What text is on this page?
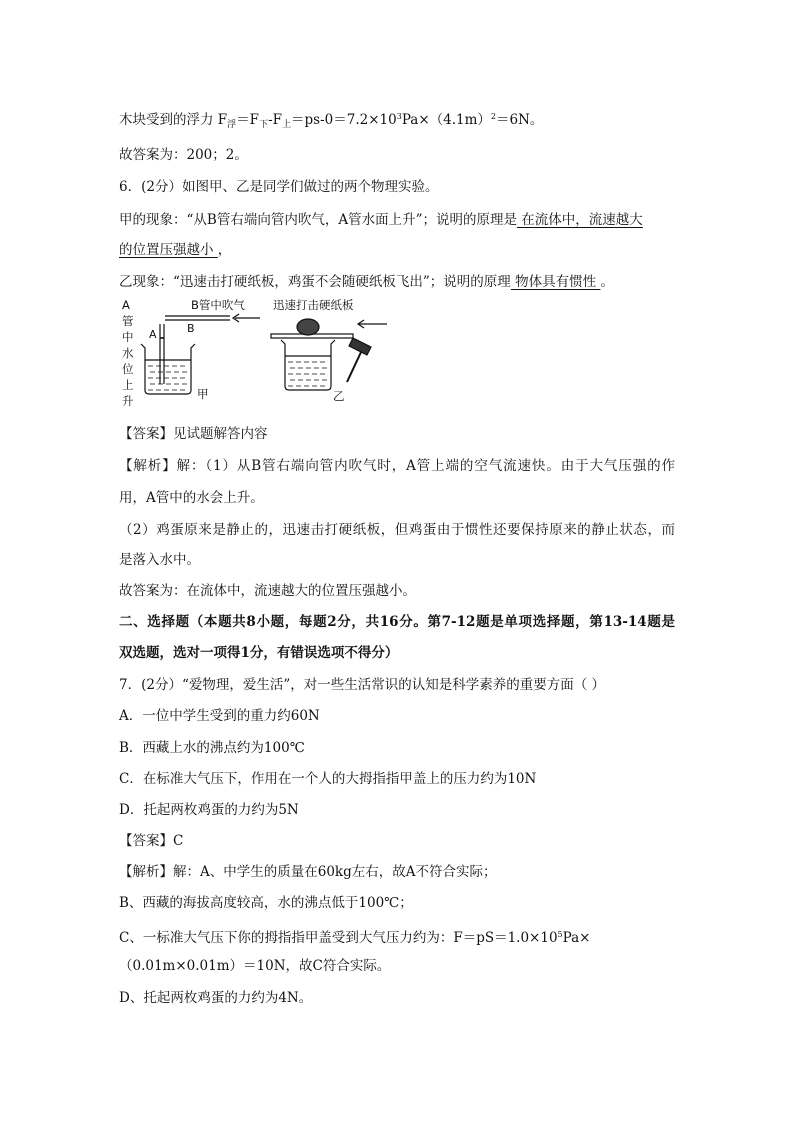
木块受到的浮力 $F_浮=F_下-F_上=ps-0=7.2\times 10^3Pa\times(4.1m)^2=6N$。
故答案为：200；2。
6．(2分）如图甲、乙是同学们做过的两个物理实验。
甲的现象：“从B管右端向管内吹气，A管水面上升”；说明的原理是 在流体中，流速越大
的位置压强越小 ，
乙现象：“迅速击打硬纸板，鸡蛋不会随硬纸板飞出”；说明的原理 物体具有惯性 。
A
管
中
水
位
上
升
B管中吹气
A	B
甲
迅速打击硬纸板
乙
【答案】见试题解答内容
【解析】解：（1）从B管右端向管内吹气时，A管上端的空气流速快。由于大气压强的作
用，A管中的水会上升。
（2）鸡蛋原来是静止的，迅速击打硬纸板，但鸡蛋由于惯性还要保持原来的静止状态，而
是落入水中。
故答案为：在流体中，流速越大的位置压强越小。
二、选择题（本题共8小题，每题2分，共16分。第7-12题是单项选择题，第13-14题是
双选题，选对一项得1分，有错误选项不得分）
7．(2分）“爱物理，爱生活”，对一些生活常识的认知是科学素养的重要方面（ ）
A．一位中学生受到的重力约60N
B．西藏上水的沸点约为100℃
C．在标准大气压下，作用在一个人的大拇指指甲盖上的压力约为10N
D．托起两枚鸡蛋的力约为5N
【答案】C
【解析】解：A、中学生的质量在60kg左右，故A不符合实际；
B、西藏的海拔高度较高，水的沸点低于100℃；
C、一标准大气压下你的拇指指甲盖受到大气压力约为：$F=pS=1.0\times 10^5Pa\times$
（0.01m×0.01m）＝10N，故C符合实际。
D、托起两枚鸡蛋的力约为4N。
